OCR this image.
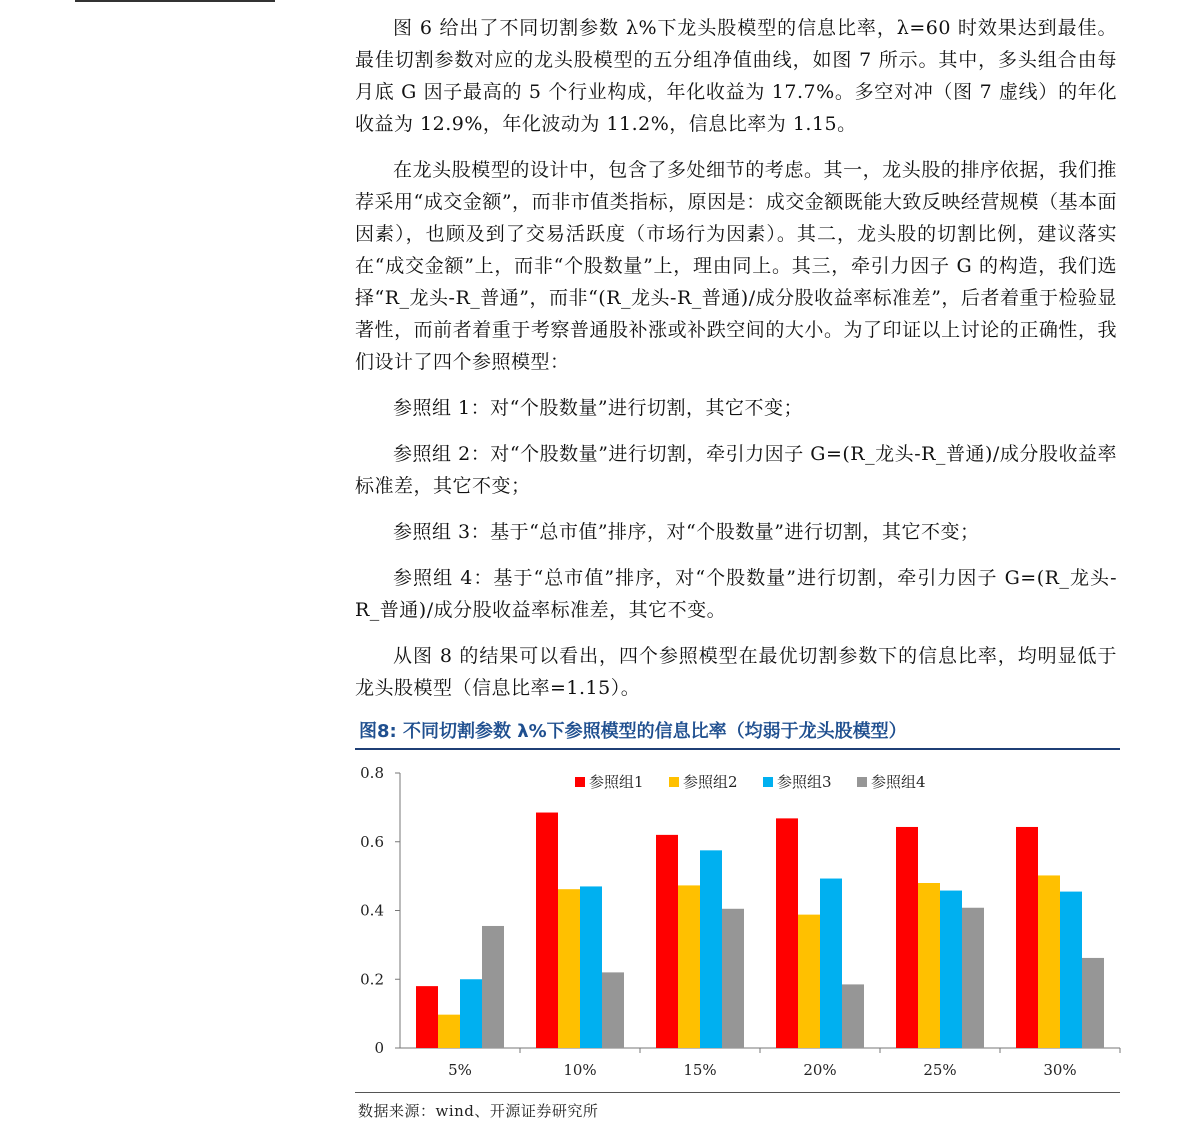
图 6 给出了不同切割参数 λ%下龙头股模型的信息比率，λ=60 时效果达到最佳。最佳切割参数对应的龙头股模型的五分组净值曲线，如图 7 所示。其中，多头组合由每月底 G 因子最高的 5 个行业构成，年化收益为 17.7%。多空对冲（图 7 虚线）的年化收益为 12.9%，年化波动为 11.2%，信息比率为 1.15。

在龙头股模型的设计中，包含了多处细节的考虑。其一，龙头股的排序依据，我们推荐采用“成交金额”，而非市值类指标，原因是：成交金额既能大致反映经营规模（基本面因素），也顾及到了交易活跃度（市场行为因素）。其二，龙头股的切割比例，建议落实在“成交金额”上，而非“个股数量”上，理由同上。其三，牵引力因子 G 的构造，我们选择“R_龙头-R_普通”，而非“(R_龙头-R_普通)/成分股收益率标准差”，后者着重于检验显著性，而前者着重于考察普通股补涨或补跌空间的大小。为了印证以上讨论的正确性，我们设计了四个参照模型：

参照组 1：对“个股数量”进行切割，其它不变；

参照组 2：对“个股数量”进行切割，牵引力因子 G=(R_龙头-R_普通)/成分股收益率标准差，其它不变；

参照组 3：基于“总市值”排序，对“个股数量”进行切割，其它不变；

参照组 4：基于“总市值”排序，对“个股数量”进行切割，牵引力因子 G=(R_龙头-R_普通)/成分股收益率标准差，其它不变。

从图 8 的结果可以看出，四个参照模型在最优切割参数下的信息比率，均明显低于龙头股模型（信息比率=1.15）。

图8: 不同切割参数 λ%下参照模型的信息比率（均弱于龙头股模型）
0
0.2
0.4
0.6
0.8
5%	10%	15%	20%	25%	30%
参照组1	参照组2	参照组3	参照组4
数据来源：wind、开源证券研究所
